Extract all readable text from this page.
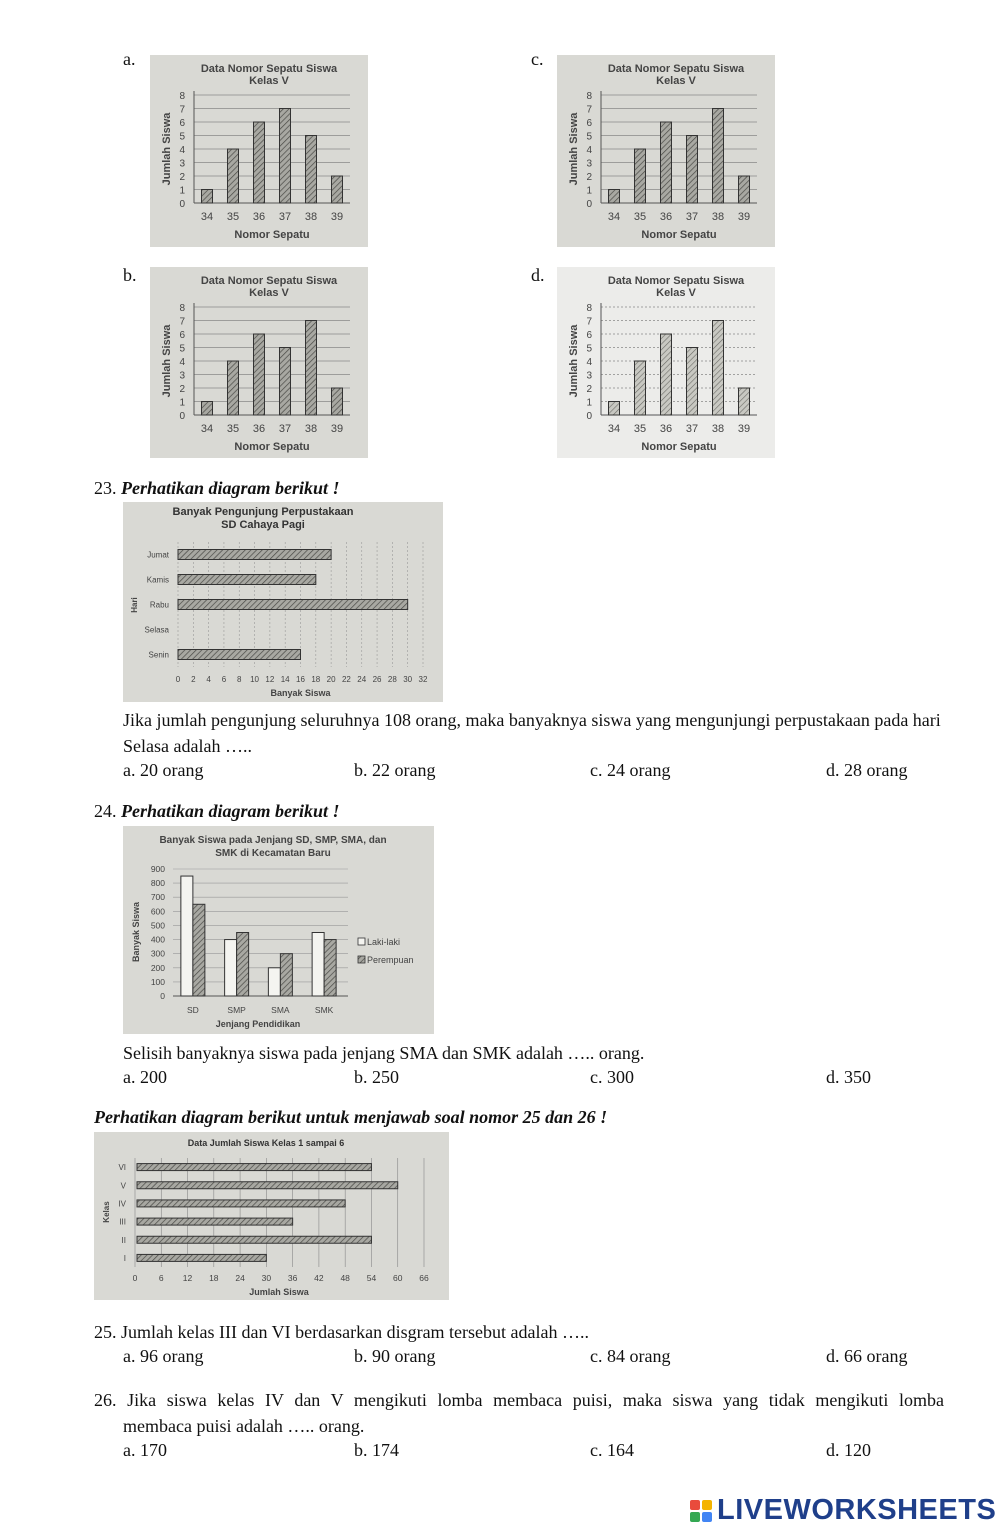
a.	Data Nomor Sepatu Siswa
Kelas V
0
1
2
3
4
5
6
7
8
34 35 36 37 38 39
Nomor Sepatu
Jumlah Siswa
b.	Data Nomor Sepatu Siswa
Kelas V
0
1
2
3
4
5
6
7
8
34 35 36 37 38 39
Nomor Sepatu
Jumlah Siswa
c.	Data Nomor Sepatu Siswa
Kelas V
0
1
2
3
4
5
6
7
8
34 35 36 37 38 39
Nomor Sepatu
Jumlah Siswa
d.	Data Nomor Sepatu Siswa
Kelas V
0
1
2
3
4
5
6
7
8
34 35 36 37 38 39
Nomor Sepatu
Jumlah Siswa
23. Perhatikan diagram berikut !
Banyak Pengunjung Perpustakaan
SD Cahaya Pagi
0 2 4 6 8 10 12 14 16 18 20 22 24 26 28 30 32
Senin
Selasa
Rabu
Kamis
Jumat
Banyak Siswa
Hari
Jika jumlah pengunjung seluruhnya 108 orang, maka banyaknya siswa yang mengunjungi perpustakaan pada hari Selasa adalah …..
a. 20 orang	b. 22 orang	c. 24 orang	d. 28 orang
24. Perhatikan diagram berikut !
Banyak Siswa pada Jenjang SD, SMP, SMA, dan
SMK di Kecamatan Baru
0
100
200
300
400
500
600
700
800
900
SD	SMP	SMA	SMK
Laki-laki
Perempuan
Jenjang Pendidikan
Banyak Siswa
Selisih banyaknya siswa pada jenjang SMA dan SMK adalah ….. orang.
a. 200	b. 250	c. 300	d. 350
Perhatikan diagram berikut untuk menjawab soal nomor 25 dan 26 !
Data Jumlah Siswa Kelas 1 sampai 6
0	6 12 18 24 30 36 42 48 54 60 66
I
II
III
IV
V
VI
Jumlah Siswa
Kelas
25. Jumlah kelas III dan VI berdasarkan disgram tersebut adalah …..
a. 96 orang	b. 90 orang	c. 84 orang	d. 66 orang
26. Jika siswa kelas IV dan V mengikuti lomba membaca puisi, maka siswa yang tidak mengikuti lomba
membaca puisi adalah ….. orang.
a. 170	b. 174	c. 164	d. 120
LIVEWORKSHEETS
